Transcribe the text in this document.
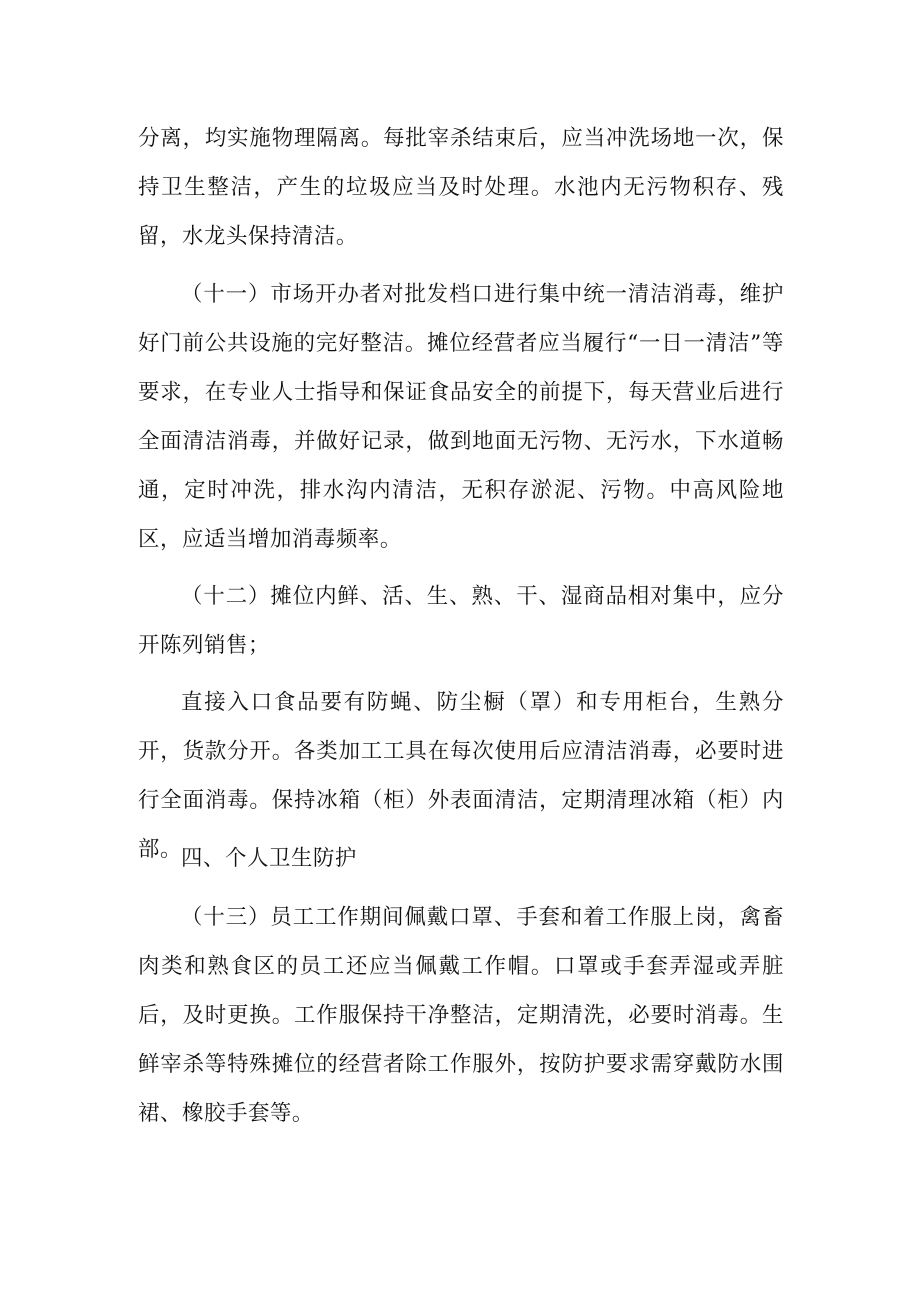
分离，均实施物理隔离。每批宰杀结束后，应当冲洗场地一次，保持卫生整洁，产生的垃圾应当及时处理。水池内无污物积存、残留，水龙头保持清洁。

（十一）市场开办者对批发档口进行集中统一清洁消毒，维护好门前公共设施的完好整洁。摊位经营者应当履行“一日一清洁”等要求，在专业人士指导和保证食品安全的前提下，每天营业后进行全面清洁消毒，并做好记录，做到地面无污物、无污水，下水道畅通，定时冲洗，排水沟内清洁，无积存淤泥、污物。中高风险地区，应适当增加消毒频率。

（十二）摊位内鲜、活、生、熟、干、湿商品相对集中，应分开陈列销售；

直接入口食品要有防蝇、防尘橱（罩）和专用柜台，生熟分开，货款分开。各类加工工具在每次使用后应清洁消毒，必要时进行全面消毒。保持冰箱（柜）外表面清洁，定期清理冰箱（柜）内部。 四、个人卫生防护

（十三）员工工作期间佩戴口罩、手套和着工作服上岗，禽畜肉类和熟食区的员工还应当佩戴工作帽。口罩或手套弄湿或弄脏后，及时更换。工作服保持干净整洁，定期清洗，必要时消毒。生鲜宰杀等特殊摊位的经营者除工作服外，按防护要求需穿戴防水围裙、橡胶手套等。
